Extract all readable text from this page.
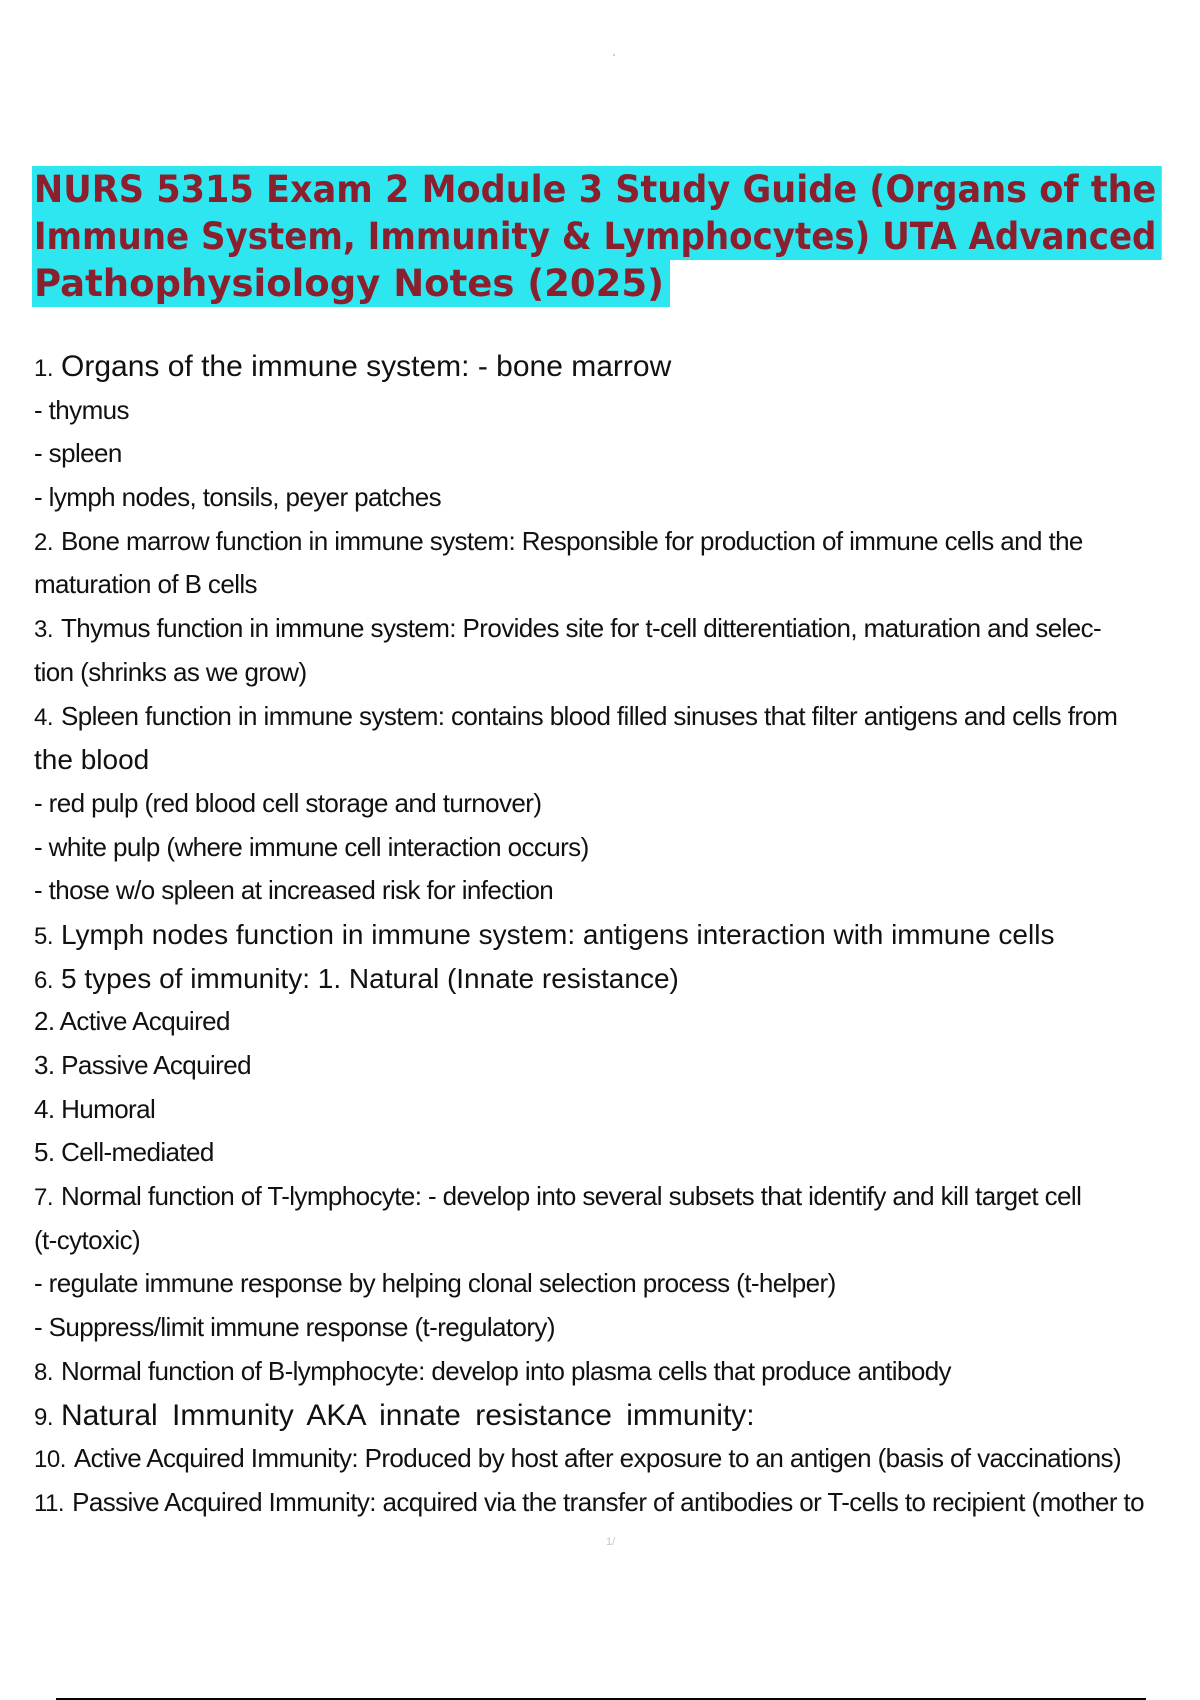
NURS 5315 Exam 2 Module 3 Study Guide (Organs of the
Immune System, Immunity & Lymphocytes) UTA Advanced
Pathophysiology Notes (2025)
1. Organs of the immune system: - bone marrow
- thymus
- spleen
- lymph nodes, tonsils, peyer patches
2. Bone marrow function in immune system: Responsible for production of immune cells and the
maturation of B cells
3. Thymus function in immune system: Provides site for t-cell ditterentiation, maturation and selec-
tion (shrinks as we grow)
4. Spleen function in immune system: contains blood filled sinuses that filter antigens and cells from
the blood
- red pulp (red blood cell storage and turnover)
- white pulp (where immune cell interaction occurs)
- those w/o spleen at increased risk for infection
5. Lymph nodes function in immune system: antigens interaction with immune cells
6. 5 types of immunity: 1. Natural (Innate resistance)
2. Active Acquired
3. Passive Acquired
4. Humoral
5. Cell-mediated
7. Normal function of T-lymphocyte: - develop into several subsets that identify and kill target cell
(t-cytoxic)
- regulate immune response by helping clonal selection process (t-helper)
- Suppress/limit immune response (t-regulatory)
8. Normal function of B-lymphocyte: develop into plasma cells that produce antibody
9. Natural Immunity AKA innate resistance immunity:
10. Active Acquired Immunity: Produced by host after exposure to an antigen (basis of vaccinations)
11. Passive Acquired Immunity: acquired via the transfer of antibodies or T-cells to recipient (mother to
1/
